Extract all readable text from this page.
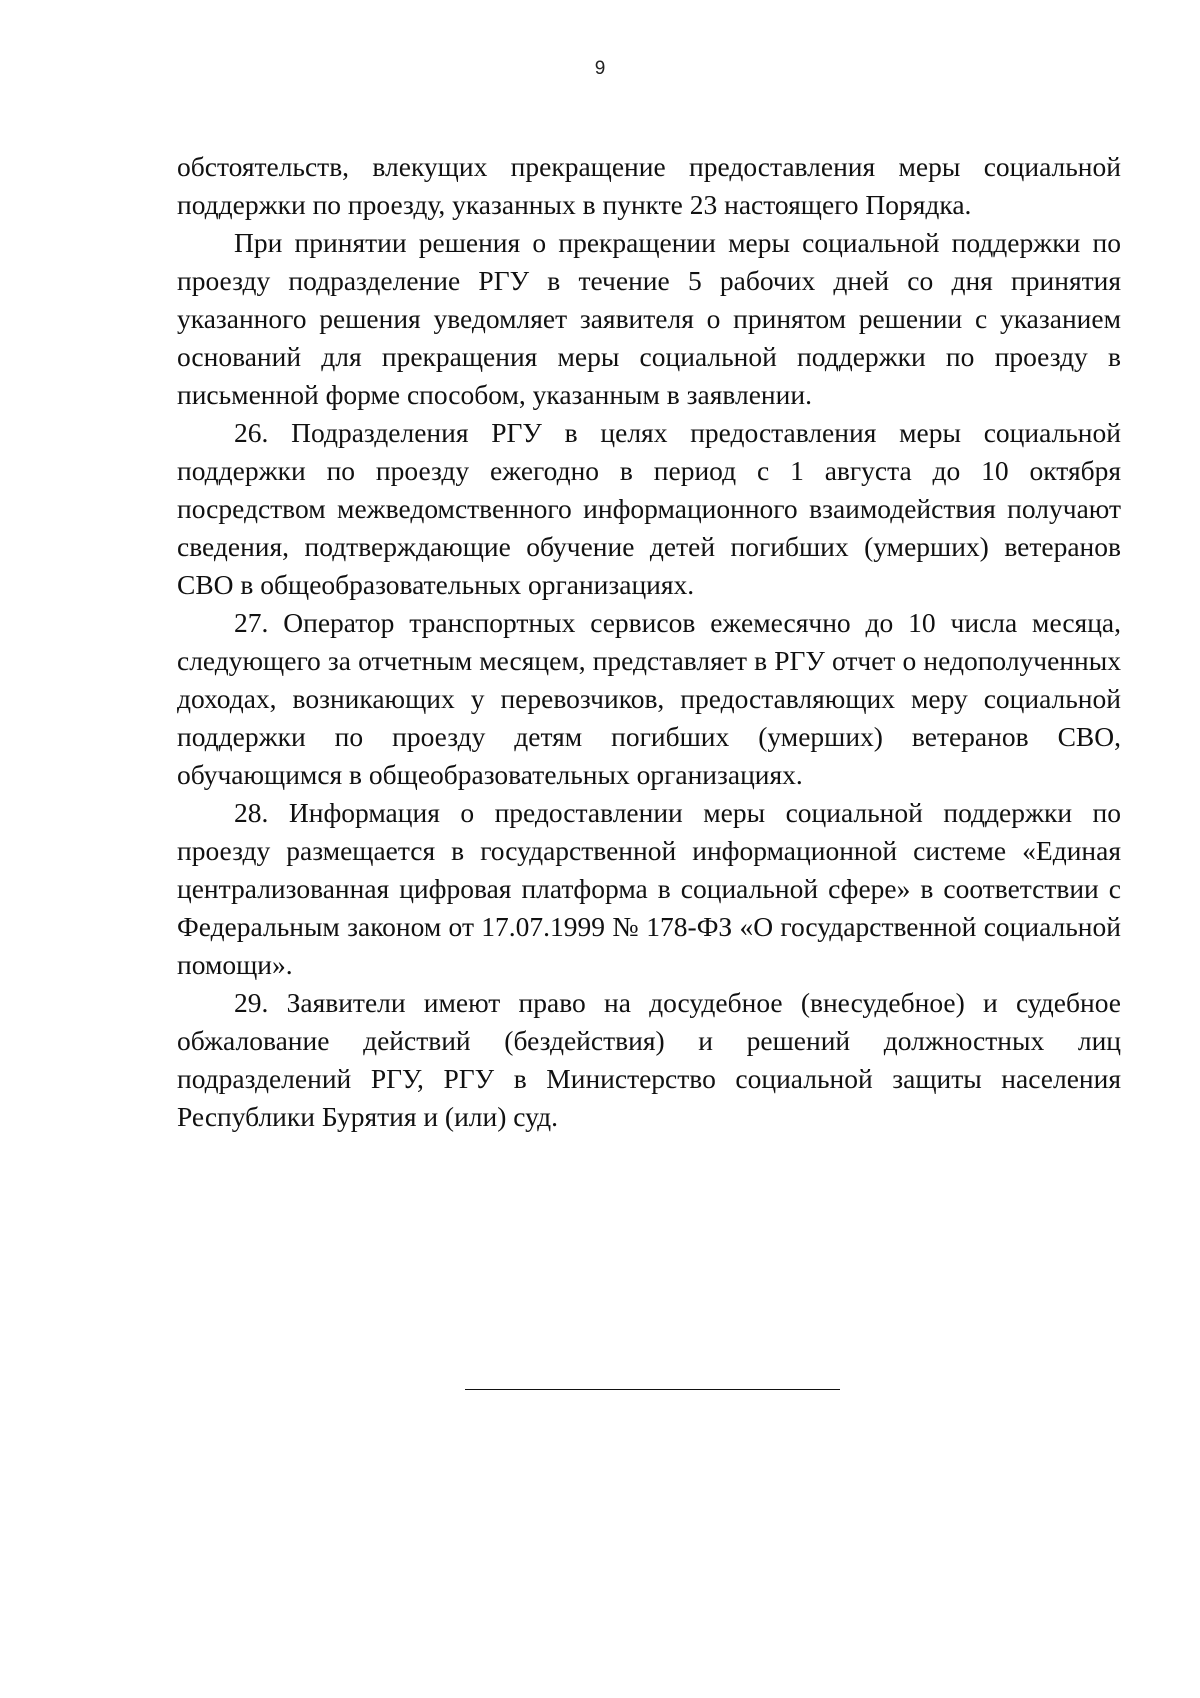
9

обстоятельств, влекущих прекращение предоставления меры социальной поддержки по проезду, указанных в пункте 23 настоящего Порядка.

При принятии решения о прекращении меры социальной поддержки по проезду подразделение РГУ в течение 5 рабочих дней со дня принятия указанного решения уведомляет заявителя о принятом решении с указанием оснований для прекращения меры социальной поддержки по проезду в письменной форме способом, указанным в заявлении.

26. Подразделения РГУ в целях предоставления меры социальной поддержки по проезду ежегодно в период с 1 августа до 10 октября посредством межведомственного информационного взаимодействия получают сведения, подтверждающие обучение детей погибших (умерших) ветеранов СВО в общеобразовательных организациях.

27. Оператор транспортных сервисов ежемесячно до 10 числа месяца, следующего за отчетным месяцем, представляет в РГУ отчет о недополученных доходах, возникающих у перевозчиков, предоставляющих меру социальной поддержки по проезду детям погибших (умерших) ветеранов СВО, обучающимся в общеобразовательных организациях.

28. Информация о предоставлении меры социальной поддержки по проезду размещается в государственной информационной системе «Единая централизованная цифровая платформа в социальной сфере» в соответствии с Федеральным законом от 17.07.1999 № 178-ФЗ «О государственной социальной помощи».

29. Заявители имеют право на досудебное (внесудебное) и судебное обжалование действий (бездействия) и решений должностных лиц подразделений РГУ, РГУ в Министерство социальной защиты населения Республики Бурятия и (или) суд.
